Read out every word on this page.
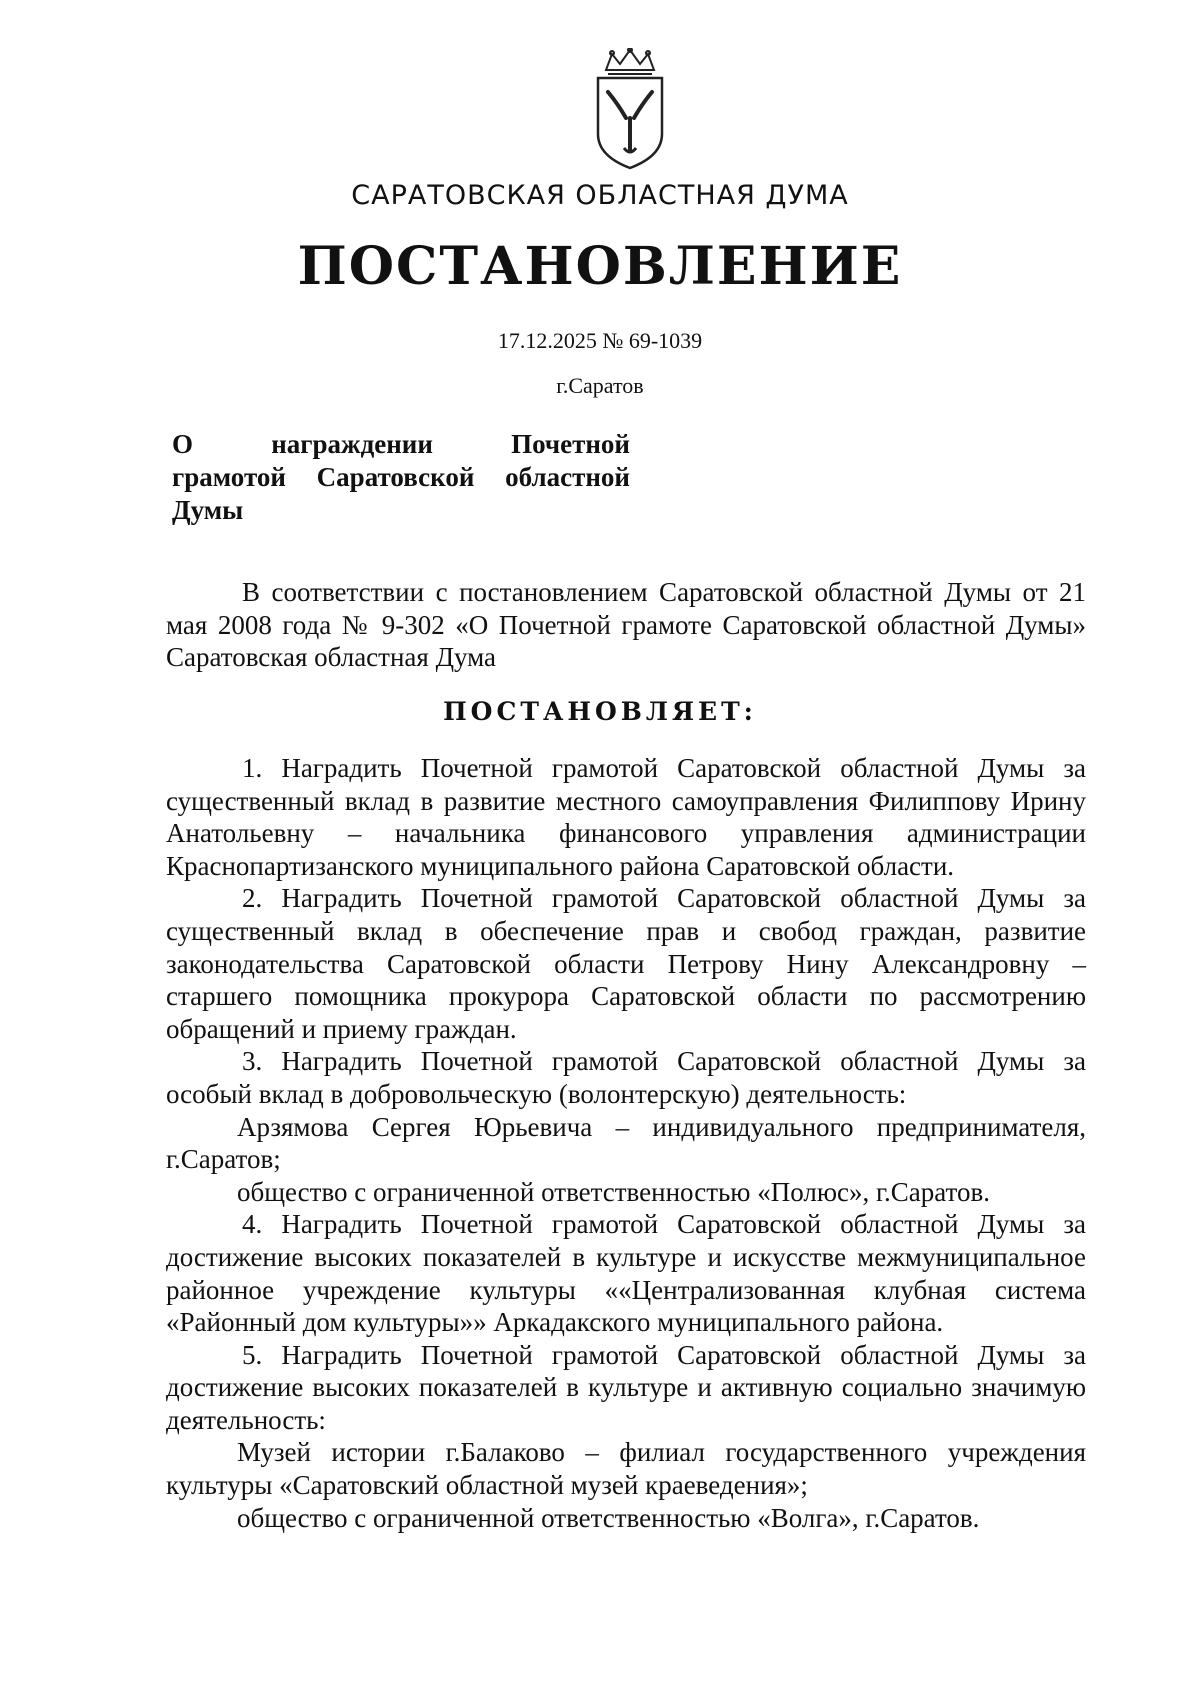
САРАТОВСКАЯ ОБЛАСТНАЯ ДУМА
ПОСТАНОВЛЕНИЕ
17.12.2025 № 69-1039
г.Саратов
О награждении Почетной
грамотой Саратовской областной
Думы

В соответствии с постановлением Саратовской областной Думы от 21 мая 2008 года № 9-302 «О Почетной грамоте Саратовской областной Думы» Саратовская областная Дума

ПОСТАНОВЛЯЕТ:

1. Наградить Почетной грамотой Саратовской областной Думы за существенный вклад в развитие местного самоуправления Филиппову Ирину Анатольевну – начальника финансового управления администрации Краснопартизанского муниципального района Саратовской области.

2. Наградить Почетной грамотой Саратовской областной Думы за существенный вклад в обеспечение прав и свобод граждан, развитие законодательства Саратовской области Петрову Нину Александровну – старшего помощника прокурора Саратовской области по рассмотрению обращений и приему граждан.

3. Наградить Почетной грамотой Саратовской областной Думы за особый вклад в добровольческую (волонтерскую) деятельность:

Арзямова Сергея Юрьевича – индивидуального предпринимателя, г.Саратов;

общество с ограниченной ответственностью «Полюс», г.Саратов.

4. Наградить Почетной грамотой Саратовской областной Думы за достижение высоких показателей в культуре и искусстве межмуниципальное районное учреждение культуры ««Централизованная клубная система «Районный дом культуры»» Аркадакского муниципального района.

5. Наградить Почетной грамотой Саратовской областной Думы за достижение высоких показателей в культуре и активную социально значимую деятельность:

Музей истории г.Балаково – филиал государственного учреждения культуры «Саратовский областной музей краеведения»;

общество с ограниченной ответственностью «Волга», г.Саратов.
